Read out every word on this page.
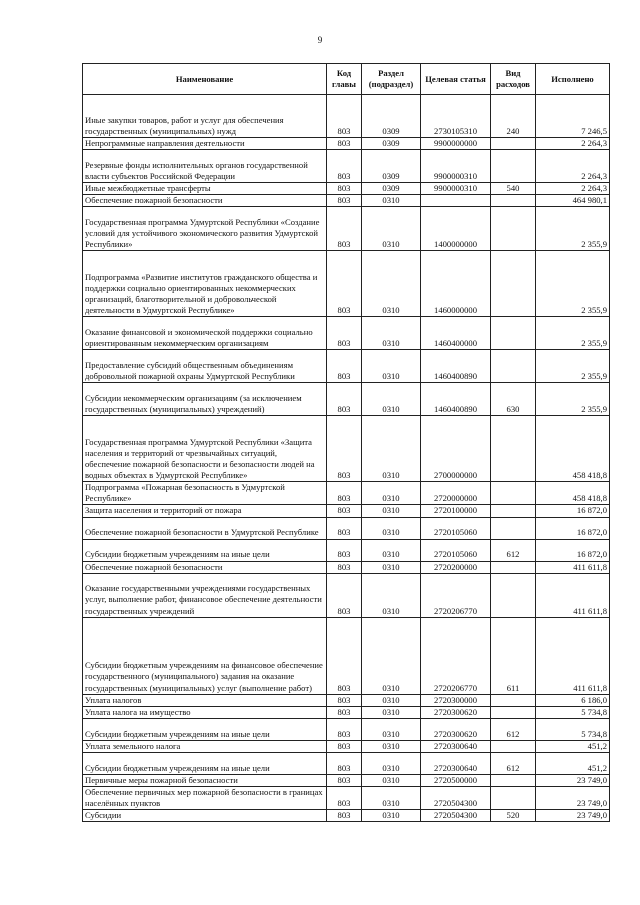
9
Наименование	Код главы	Раздел (подраздел)	Целевая статья	Вид расходов	Исполнено
Иные закупки товаров, работ и услуг для обеспечения государственных (муниципальных) нужд	803	0309	2730105310	240	7 246,5
Непрограммные направления деятельности	803	0309	9900000000		2 264,3
Резервные фонды исполнительных органов государственной власти субъектов Российской Федерации	803	0309	9900000310		2 264,3
Иные межбюджетные трансферты	803	0309	9900000310	540	2 264,3
Обеспечение пожарной безопасности	803	0310			464 980,1
Государственная программа Удмуртской Республики «Создание условий для устойчивого экономического развития Удмуртской Республики»	803	0310	1400000000		2 355,9
Подпрограмма «Развитие институтов гражданского общества и поддержки социально ориентированных некоммерческих организаций, благотворительной и добровольческой деятельности в Удмуртской Республике»	803	0310	1460000000		2 355,9
Оказание финансовой и экономической поддержки социально ориентированным некоммерческим организациям	803	0310	1460400000		2 355,9
Предоставление субсидий общественным объединениям добровольной пожарной охраны Удмуртской Республики	803	0310	1460400890		2 355,9
Субсидии некоммерческим организациям (за исключением государственных (муниципальных) учреждений)	803	0310	1460400890	630	2 355,9
Государственная программа Удмуртской Республики «Защита населения и территорий от чрезвычайных ситуаций, обеспечение пожарной безопасности и безопасности людей на водных объектах в Удмуртской Республике»	803	0310	2700000000		458 418,8
Подпрограмма «Пожарная безопасность в Удмуртской Республике»	803	0310	2720000000		458 418,8
Защита населения и территорий от пожара	803	0310	2720100000		16 872,0
Обеспечение пожарной безопасности в Удмуртской Республике	803	0310	2720105060		16 872,0
Субсидии бюджетным учреждениям на иные цели	803	0310	2720105060	612	16 872,0
Обеспечение пожарной безопасности	803	0310	2720200000		411 611,8
Оказание государственными учреждениями государственных услуг, выполнение работ, финансовое обеспечение деятельности государственных учреждений	803	0310	2720206770		411 611,8
Субсидии бюджетным учреждениям на финансовое обеспечение государственного (муниципального) задания на оказание государственных (муниципальных) услуг (выполнение работ)	803	0310	2720206770	611	411 611,8
Уплата налогов	803	0310	2720300000		6 186,0
Уплата налога на имущество	803	0310	2720300620		5 734,8
Субсидии бюджетным учреждениям на иные цели	803	0310	2720300620	612	5 734,8
Уплата земельного налога	803	0310	2720300640		451,2
Субсидии бюджетным учреждениям на иные цели	803	0310	2720300640	612	451,2
Первичные меры пожарной безопасности	803	0310	2720500000		23 749,0
Обеспечение первичных мер пожарной безопасности в границах населённых пунктов	803	0310	2720504300		23 749,0
Субсидии	803	0310	2720504300	520	23 749,0
